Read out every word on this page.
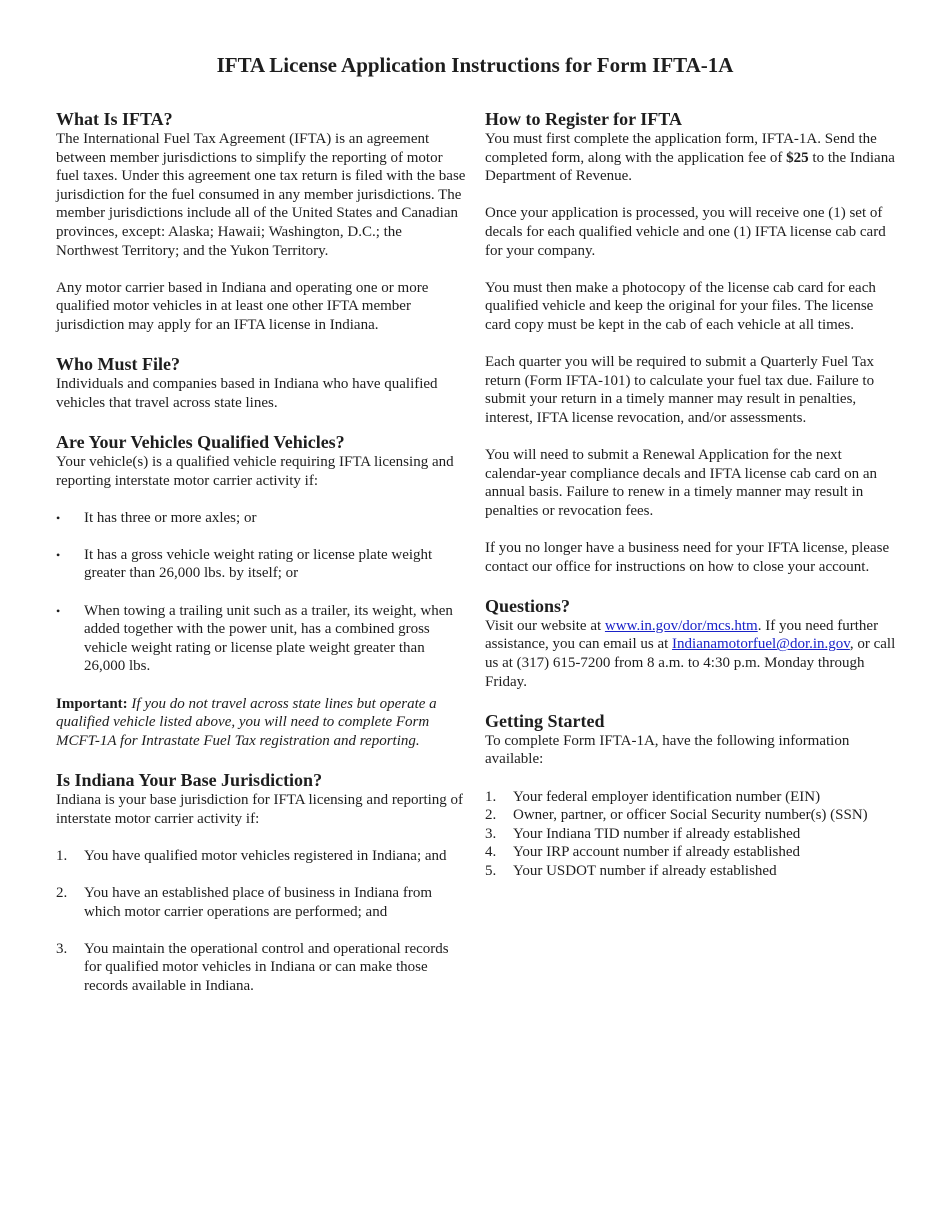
IFTA License Application Instructions for Form IFTA-1A
What Is IFTA?

The International Fuel Tax Agreement (IFTA) is an agreement between member jurisdictions to simplify the reporting of motor fuel taxes. Under this agreement one tax return is filed with the base jurisdiction for the fuel consumed in any member jurisdictions. The member jurisdictions include all of the United States and Canadian provinces, except: Alaska; Hawaii; Washington, D.C.; the Northwest Territory; and the Yukon Territory.

Any motor carrier based in Indiana and operating one or more qualified motor vehicles in at least one other IFTA member jurisdiction may apply for an IFTA license in Indiana.

Who Must File?

Individuals and companies based in Indiana who have qualified vehicles that travel across state lines.

Are Your Vehicles Qualified Vehicles?

Your vehicle(s) is a qualified vehicle requiring IFTA licensing and reporting interstate motor carrier activity if:

• It has three or more axles; or
• It has a gross vehicle weight rating or license plate weight greater than 26,000 lbs. by itself; or
• When towing a trailing unit such as a trailer, its weight, when added together with the power unit, has a combined gross vehicle weight rating or license plate weight greater than 26,000 lbs.

Important: If you do not travel across state lines but operate a qualified vehicle listed above, you will need to complete Form MCFT-1A for Intrastate Fuel Tax registration and reporting.

Is Indiana Your Base Jurisdiction?

Indiana is your base jurisdiction for IFTA licensing and reporting of interstate motor carrier activity if:

1. You have qualified motor vehicles registered in Indiana; and
2. You have an established place of business in Indiana from which motor carrier operations are performed; and
3. You maintain the operational control and operational records for qualified motor vehicles in Indiana or can make those records available in Indiana.
How to Register for IFTA

You must first complete the application form, IFTA-1A. Send the completed form, along with the application fee of $25 to the Indiana Department of Revenue.

Once your application is processed, you will receive one (1) set of decals for each qualified vehicle and one (1) IFTA license cab card for your company.

You must then make a photocopy of the license cab card for each qualified vehicle and keep the original for your files. The license card copy must be kept in the cab of each vehicle at all times.

Each quarter you will be required to submit a Quarterly Fuel Tax return (Form IFTA-101) to calculate your fuel tax due. Failure to submit your return in a timely manner may result in penalties, interest, IFTA license revocation, and/or assessments.

You will need to submit a Renewal Application for the next calendar-year compliance decals and IFTA license cab card on an annual basis. Failure to renew in a timely manner may result in penalties or revocation fees.

If you no longer have a business need for your IFTA license, please contact our office for instructions on how to close your account.

Questions?

Visit our website at www.in.gov/dor/mcs.htm. If you need further assistance, you can email us at Indianamotorfuel@dor.in.gov, or call us at (317) 615-7200 from 8 a.m. to 4:30 p.m. Monday through Friday.

Getting Started

To complete Form IFTA-1A, have the following information available:

1. Your federal employer identification number (EIN)
2. Owner, partner, or officer Social Security number(s) (SSN)
3. Your Indiana TID number if already established
4. Your IRP account number if already established
5. Your USDOT number if already established
